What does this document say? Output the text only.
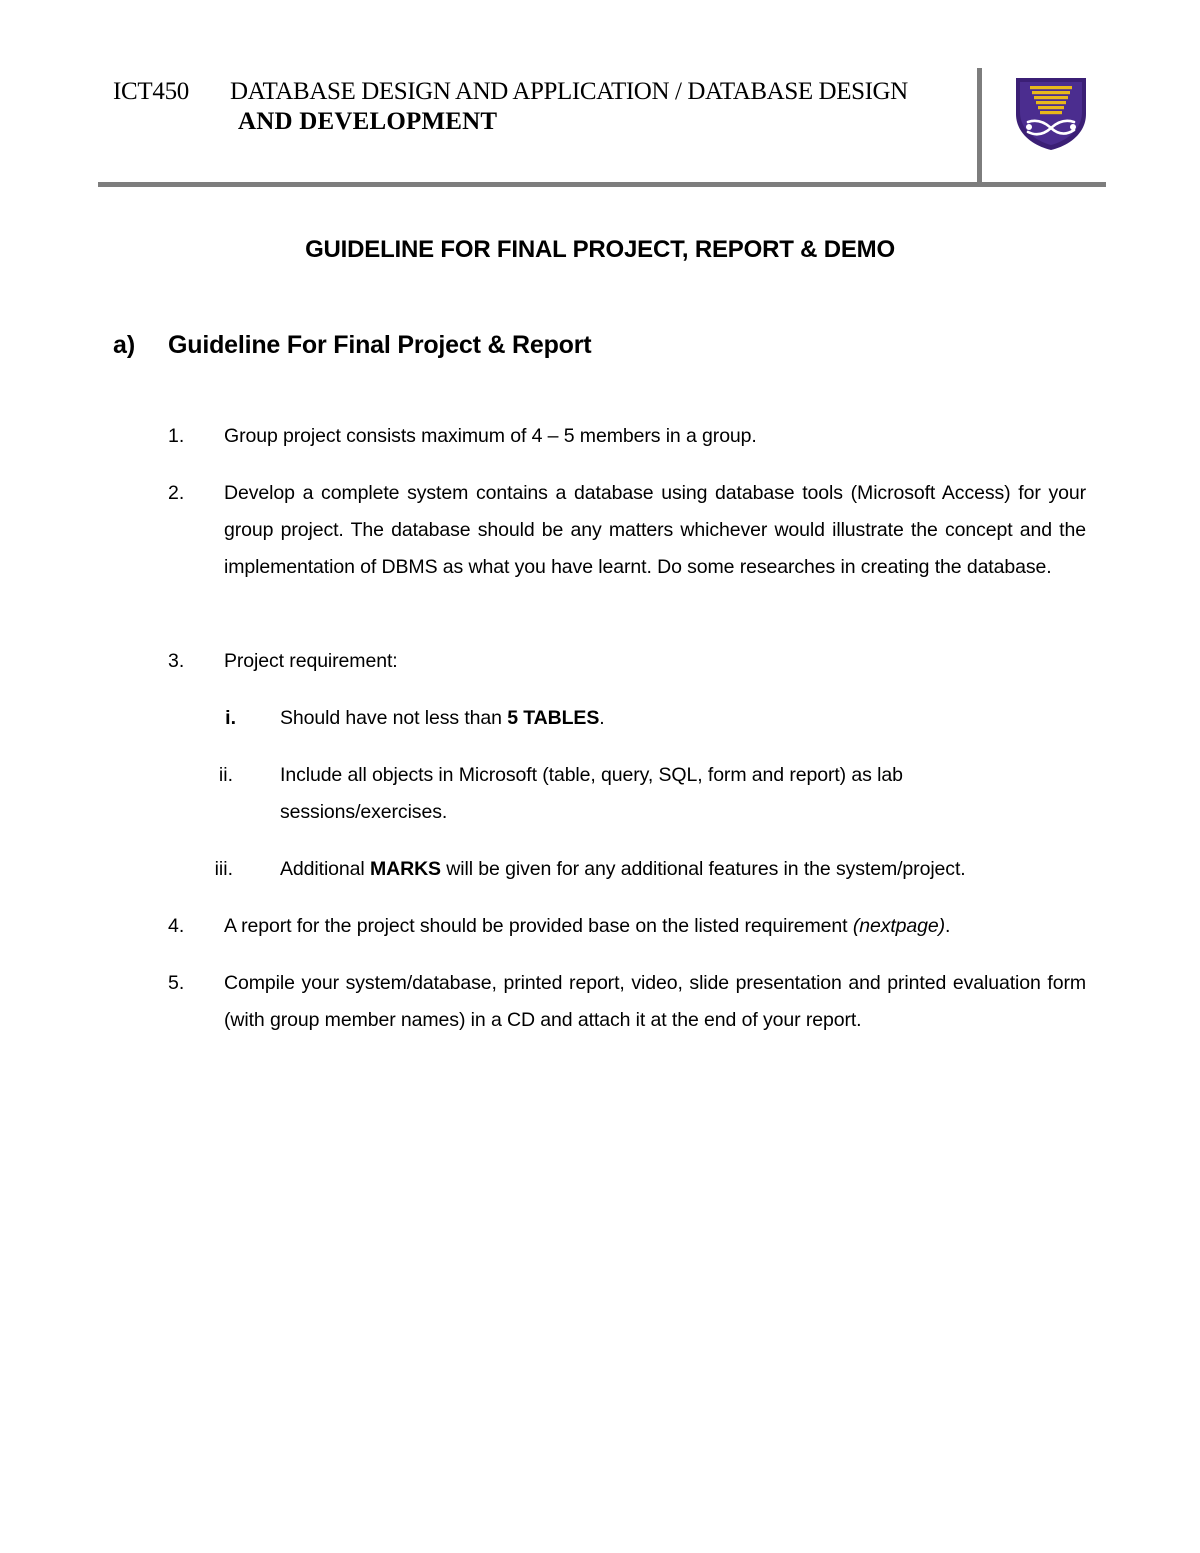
ICT450 DATABASE DESIGN AND APPLICATION / DATABASE DESIGN
AND DEVELOPMENT
GUIDELINE FOR FINAL PROJECT, REPORT & DEMO
a) Guideline For Final Project & Report
1. Group project consists maximum of 4 – 5 members in a group.
2. Develop a complete system contains a database using database tools (Microsoft Access) for your group project. The database should be any matters whichever would illustrate the concept and the implementation of DBMS as what you have learnt. Do some researches in creating the database.
3. Project requirement:
i. Should have not less than 5 TABLES.
ii. Include all objects in Microsoft (table, query, SQL, form and report) as lab sessions/exercises.
iii. Additional MARKS will be given for any additional features in the system/project.
4. A report for the project should be provided base on the listed requirement (nextpage).
5. Compile your system/database, printed report, video, slide presentation and printed evaluation form (with group member names) in a CD and attach it at the end of your report.
